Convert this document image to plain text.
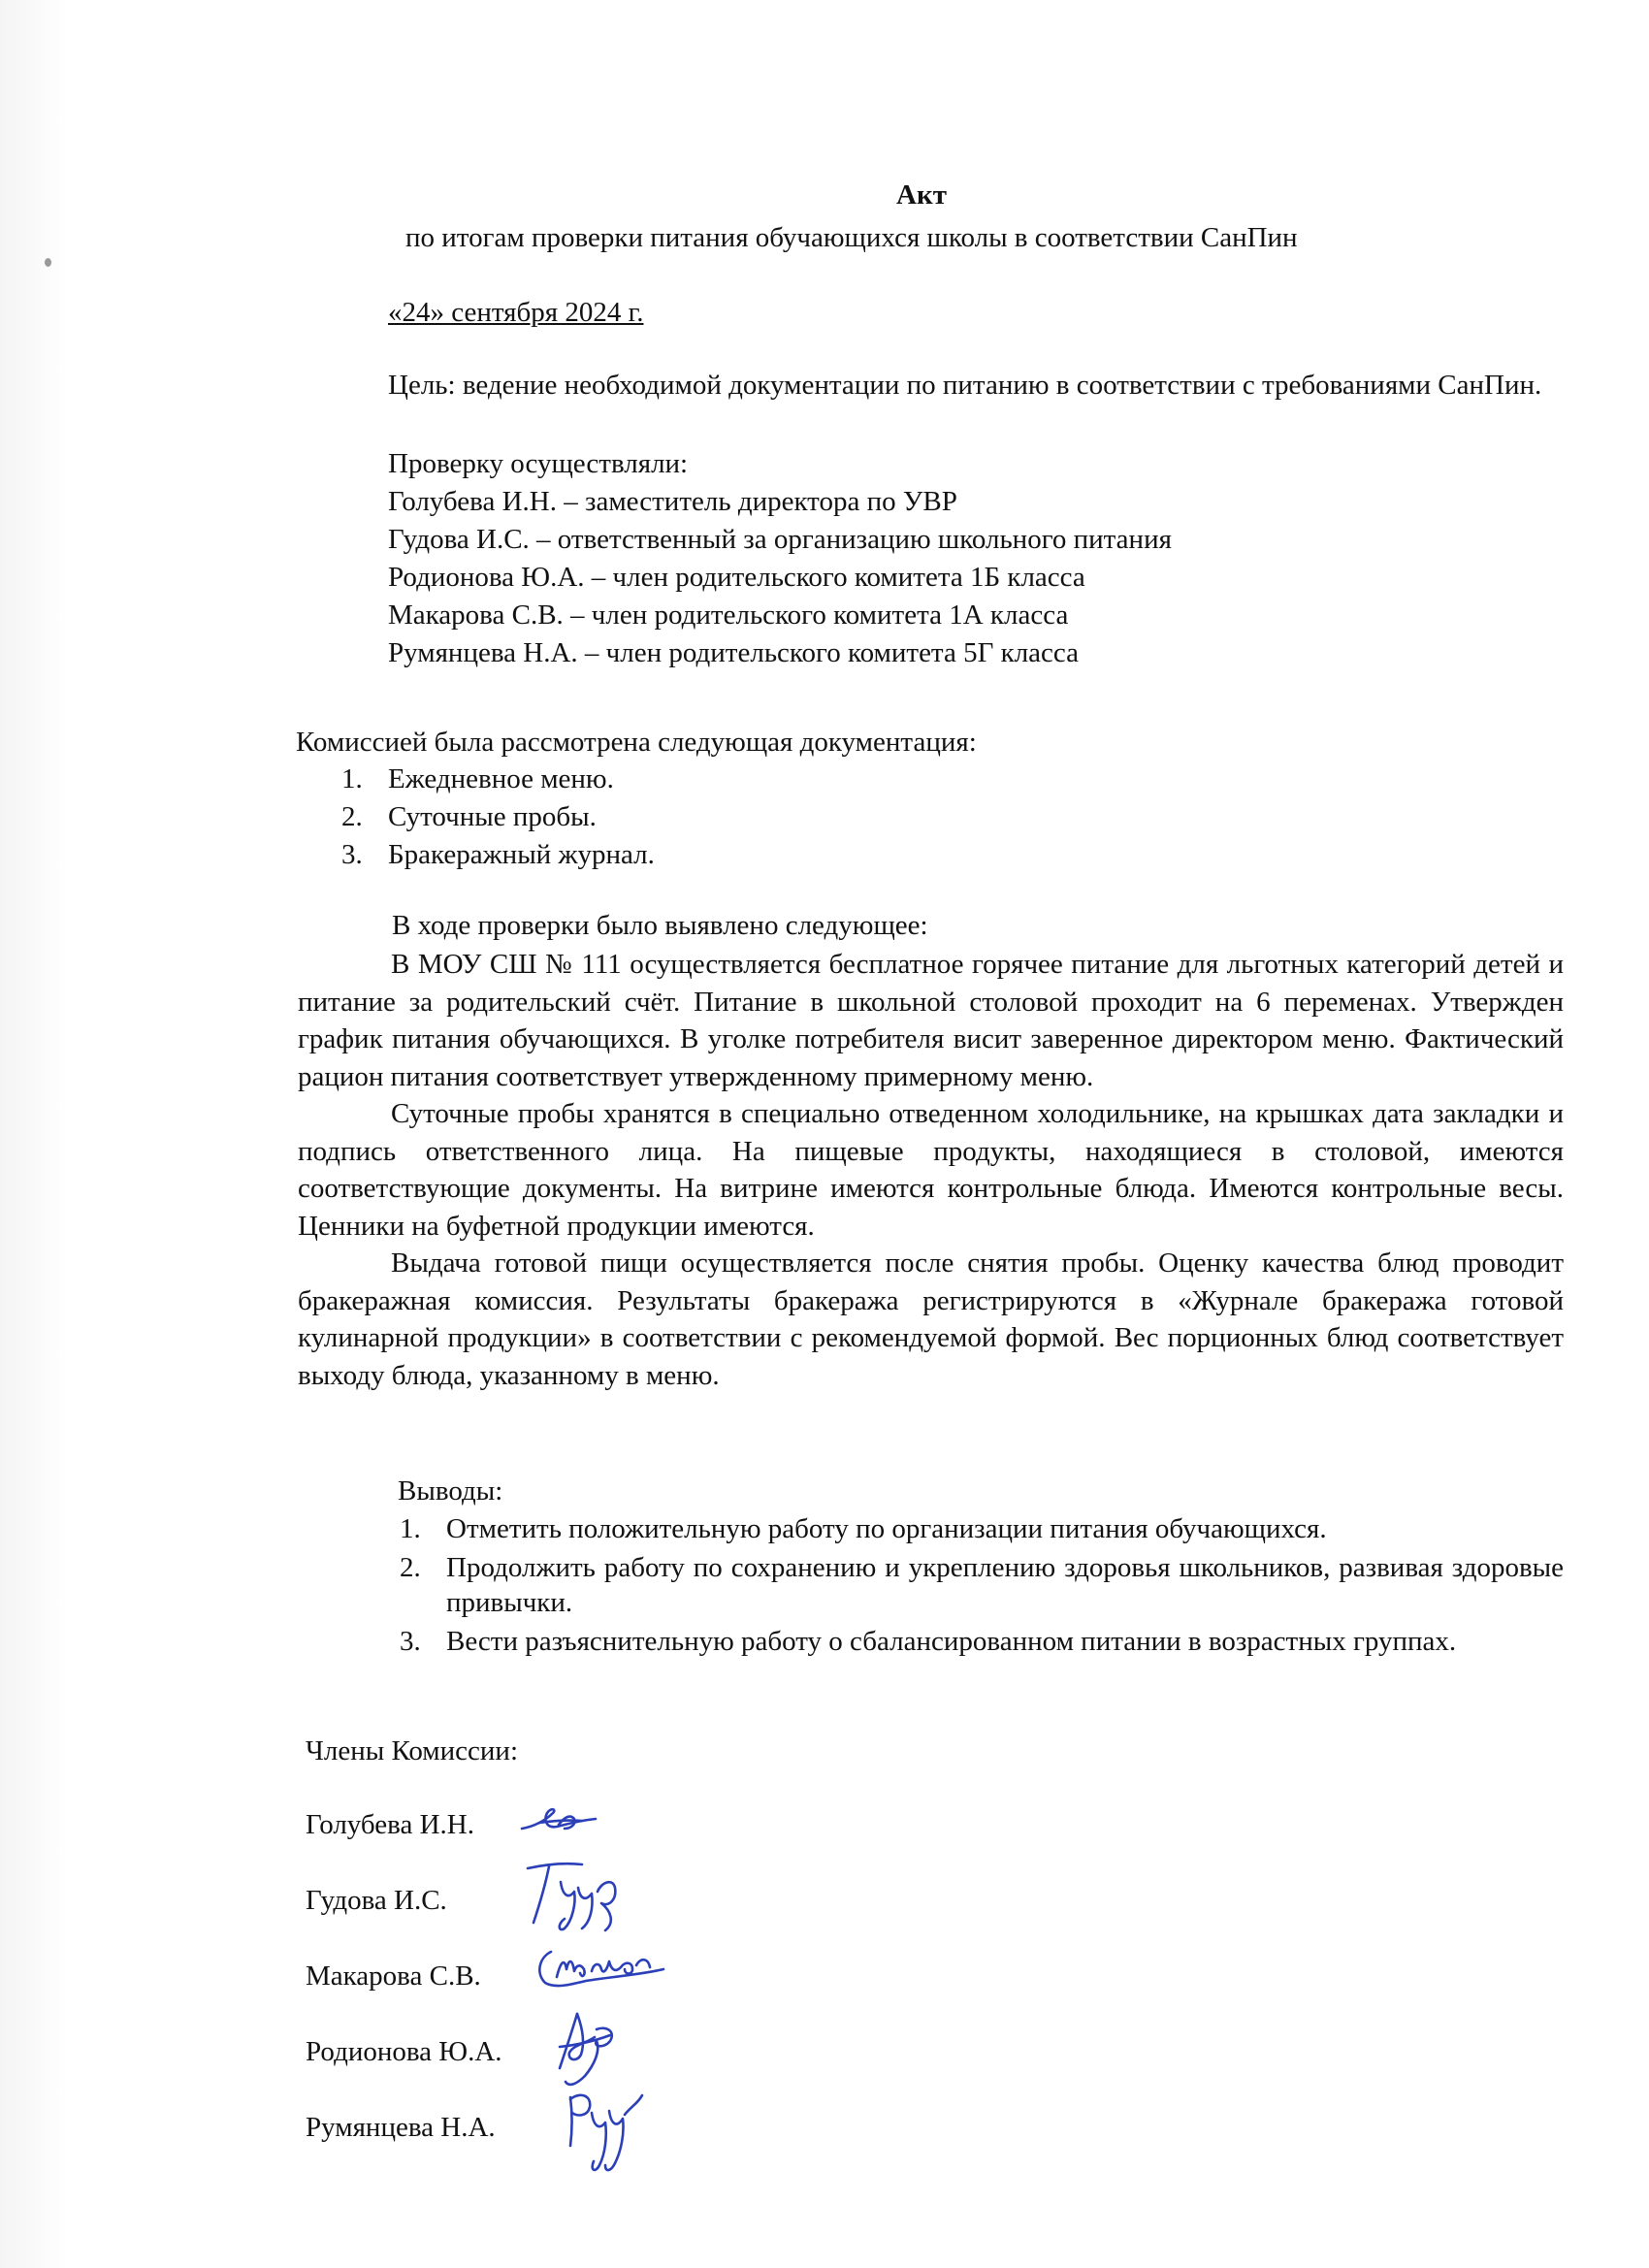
Акт
по итогам проверки питания обучающихся школы в соответствии СанПин
«24» сентября 2024 г.

Цель: ведение необходимой документации по питанию в соответствии с требованиями СанПин.

Проверку осуществляли:
Голубева И.Н. – заместитель директора по УВР
Гудова И.С. – ответственный за организацию школьного питания
Родионова Ю.А. – член родительского комитета 1Б класса
Макарова С.В. – член родительского комитета 1А класса
Румянцева Н.А. – член родительского комитета 5Г класса
Комиссией была рассмотрена следующая документация:
1. Ежедневное меню.
2. Суточные пробы.
3. Бракеражный журнал.
В ходе проверки было выявлено следующее:

В МОУ СШ № 111 осуществляется бесплатное горячее питание для льготных категорий детей и питание за родительский счёт. Питание в школьной столовой проходит на 6 переменах. Утвержден график питания обучающихся. В уголке потребителя висит заверенное директором меню. Фактический рацион питания соответствует утвержденному примерному меню.

Суточные пробы хранятся в специально отведенном холодильнике, на крышках дата закладки и подпись ответственного лица. На пищевые продукты, находящиеся в столовой, имеются соответствующие документы. На витрине имеются контрольные блюда. Имеются контрольные весы. Ценники на буфетной продукции имеются.

Выдача готовой пищи осуществляется после снятия пробы. Оценку качества блюд проводит бракеражная комиссия. Результаты бракеража регистрируются в «Журнале бракеража готовой кулинарной продукции» в соответствии с рекомендуемой формой. Вес порционных блюд соответствует выходу блюда, указанному в меню.

Выводы:
1. Отметить положительную работу по организации питания обучающихся.
2. Продолжить работу по сохранению и укреплению здоровья школьников, развивая здоровые привычки.
3. Вести разъяснительную работу о сбалансированном питании в возрастных группах.
Члены Комиссии:
Голубева И.Н.
Гудова И.С.
Макарова С.В.
Родионова Ю.А.
Румянцева Н.А.
